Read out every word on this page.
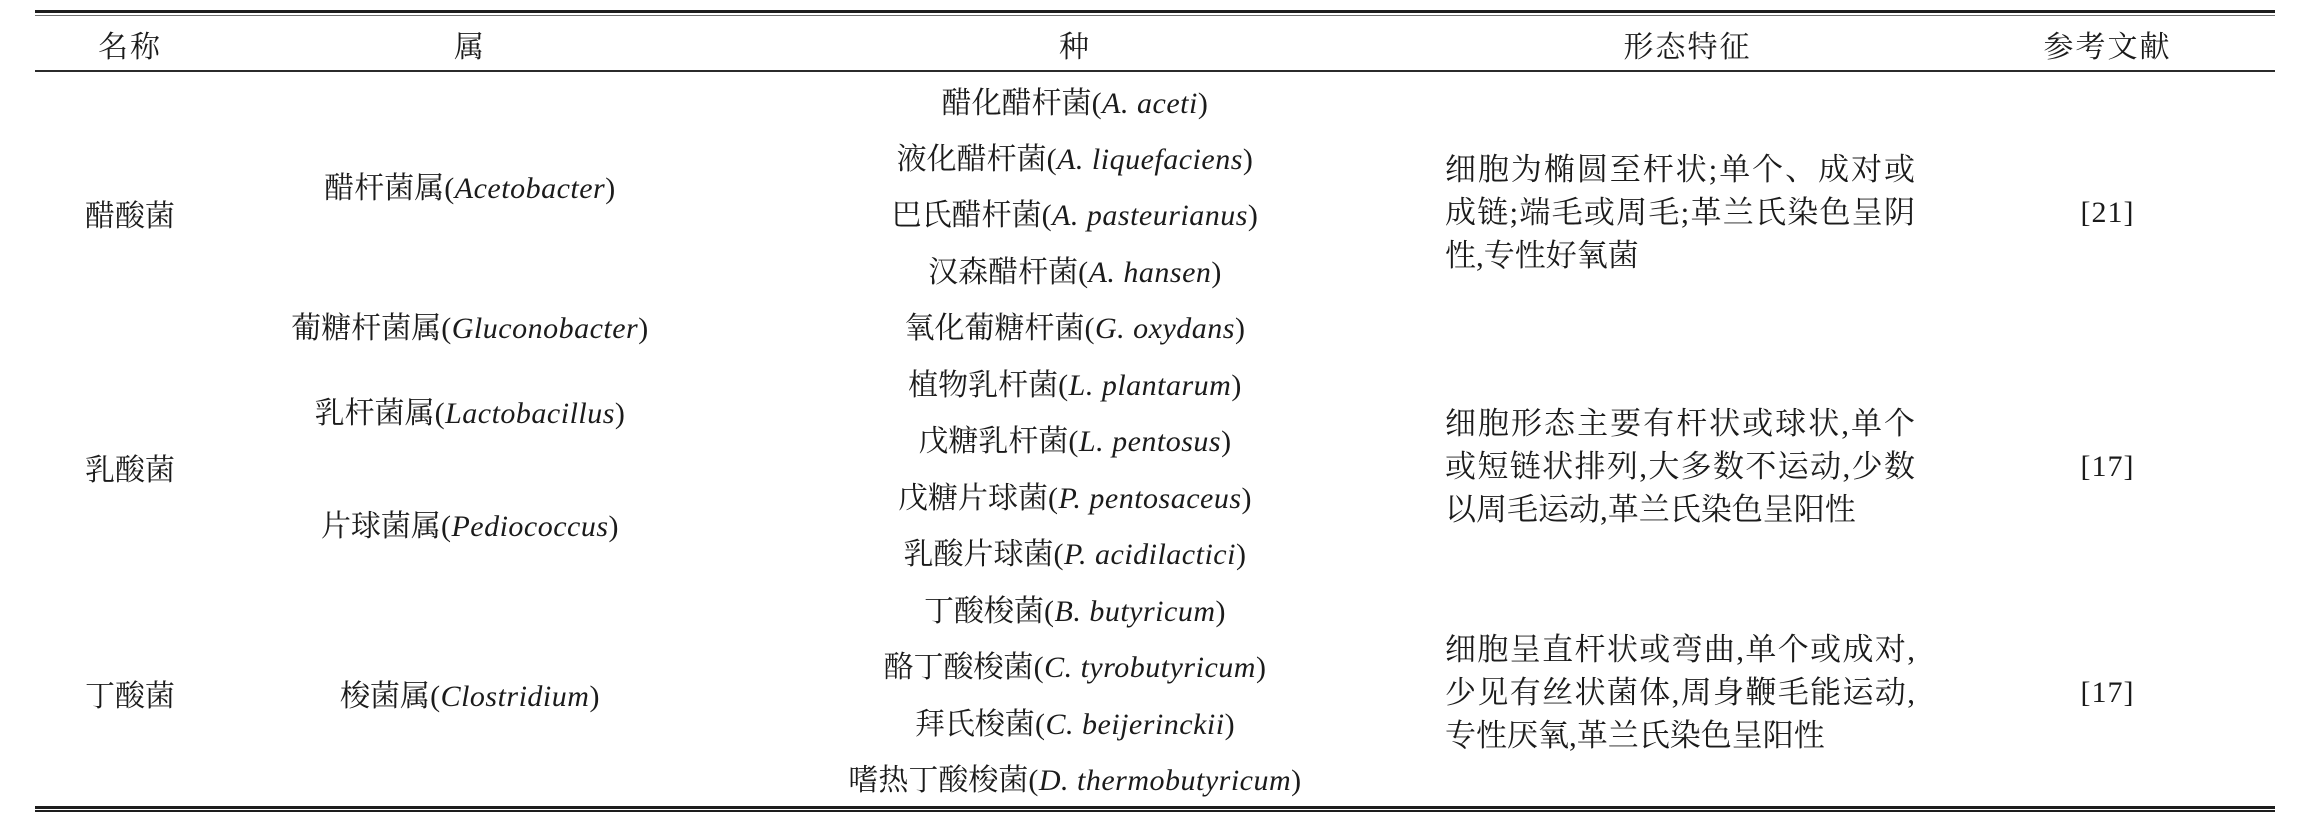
名称	属	种	形态特征	参考文献
醋酸菌	醋杆菌属 ( Acetobacter )	醋化醋杆菌 ( A. aceti )	细胞为椭圆至杆状;单个、成对或成链;端毛或周毛;革兰氏染色呈阴性,专性好氧菌	[21]
		液化醋杆菌 ( A. liquefaciens )
		巴氏醋杆菌 ( A. pasteurianus )
		汉森醋杆菌 ( A. hansen )
	葡糖杆菌属 ( Gluconobacter )	氧化葡糖杆菌 ( G. oxydans )
乳酸菌	乳杆菌属 ( Lactobacillus )	植物乳杆菌 ( L. plantarum )	细胞形态主要有杆状或球状,单个或短链状排列,大多数不运动,少数以周毛运动,革兰氏染色呈阳性	[17]
		戊糖乳杆菌 ( L. pentosus )
	片球菌属 ( Pediococcus )	戊糖片球菌 ( P. pentosaceus )
		乳酸片球菌 ( P. acidilactici )
丁酸菌	梭菌属 ( Clostridium )	丁酸梭菌 ( B. butyricum )	细胞呈直杆状或弯曲,单个或成对,少见有丝状菌体,周身鞭毛能运动,专性厌氧,革兰氏染色呈阳性	[17]
		酪丁酸梭菌 ( C. tyrobutyricum )
		拜氏梭菌 ( C. beijerinckii )
		嗜热丁酸梭菌 ( D. thermobutyricum )
